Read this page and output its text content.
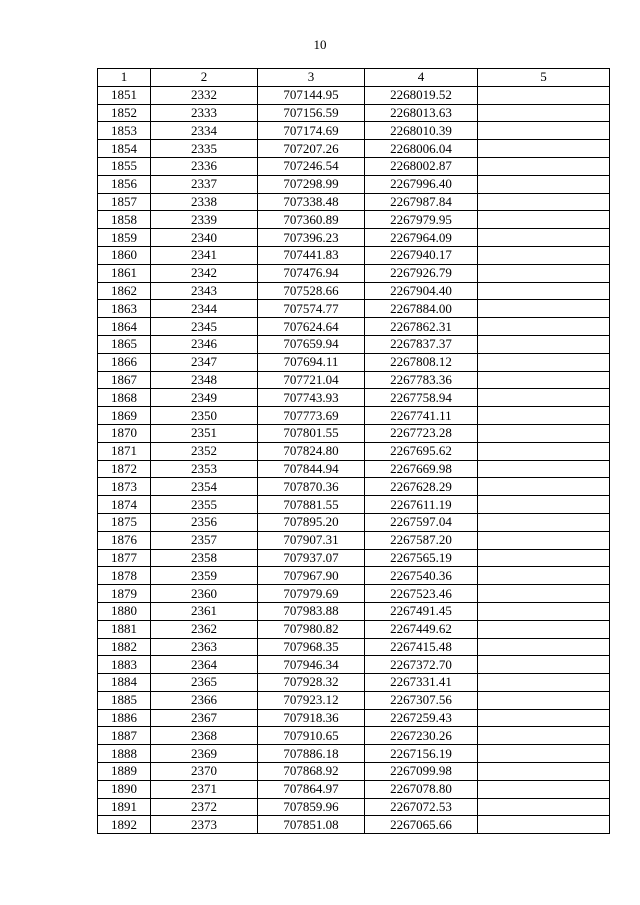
10
1	2	3	4	5
1851	2332	707144.95	2268019.52	
1852	2333	707156.59	2268013.63	
1853	2334	707174.69	2268010.39	
1854	2335	707207.26	2268006.04	
1855	2336	707246.54	2268002.87	
1856	2337	707298.99	2267996.40	
1857	2338	707338.48	2267987.84	
1858	2339	707360.89	2267979.95	
1859	2340	707396.23	2267964.09	
1860	2341	707441.83	2267940.17	
1861	2342	707476.94	2267926.79	
1862	2343	707528.66	2267904.40	
1863	2344	707574.77	2267884.00	
1864	2345	707624.64	2267862.31	
1865	2346	707659.94	2267837.37	
1866	2347	707694.11	2267808.12	
1867	2348	707721.04	2267783.36	
1868	2349	707743.93	2267758.94	
1869	2350	707773.69	2267741.11	
1870	2351	707801.55	2267723.28	
1871	2352	707824.80	2267695.62	
1872	2353	707844.94	2267669.98	
1873	2354	707870.36	2267628.29	
1874	2355	707881.55	2267611.19	
1875	2356	707895.20	2267597.04	
1876	2357	707907.31	2267587.20	
1877	2358	707937.07	2267565.19	
1878	2359	707967.90	2267540.36	
1879	2360	707979.69	2267523.46	
1880	2361	707983.88	2267491.45	
1881	2362	707980.82	2267449.62	
1882	2363	707968.35	2267415.48	
1883	2364	707946.34	2267372.70	
1884	2365	707928.32	2267331.41	
1885	2366	707923.12	2267307.56	
1886	2367	707918.36	2267259.43	
1887	2368	707910.65	2267230.26	
1888	2369	707886.18	2267156.19	
1889	2370	707868.92	2267099.98	
1890	2371	707864.97	2267078.80	
1891	2372	707859.96	2267072.53	
1892	2373	707851.08	2267065.66	
